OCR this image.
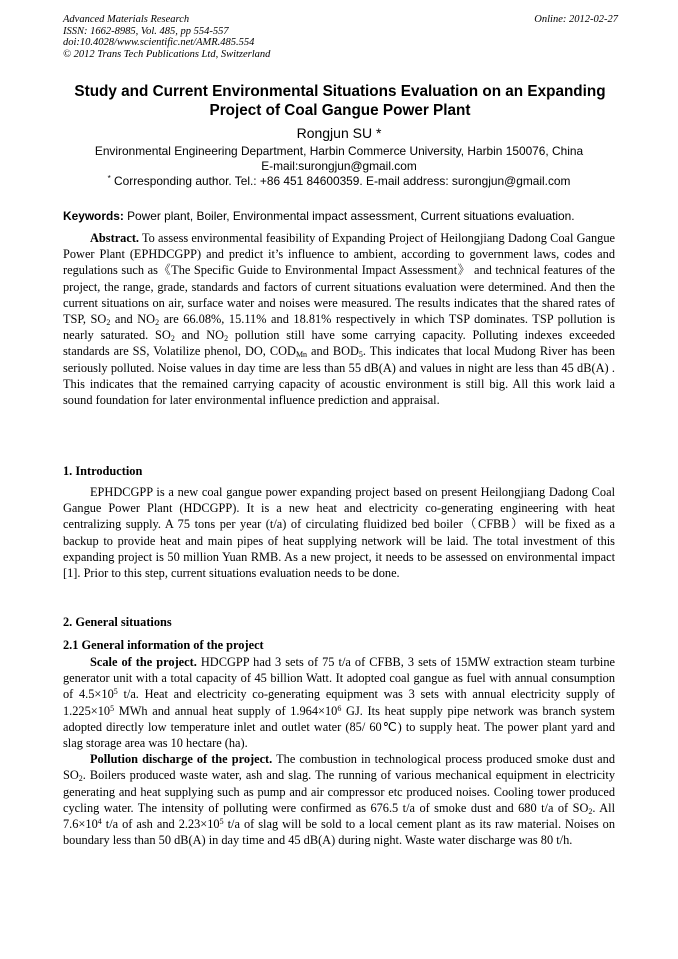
Advanced Materials Research
ISSN: 1662-8985, Vol. 485, pp 554-557
doi:10.4028/www.scientific.net/AMR.485.554
© 2012 Trans Tech Publications Ltd, Switzerland
Online: 2012-02-27
Study and Current Environmental Situations Evaluation on an Expanding
Project of Coal Gangue Power Plant
Rongjun SU *
Environmental Engineering Department, Harbin Commerce University, Harbin 150076, China
E-mail:surongjun@gmail.com
* Corresponding author. Tel.: +86 451 84600359. E-mail address: surongjun@gmail.com
Keywords: Power plant, Boiler, Environmental impact assessment, Current situations evaluation.

Abstract. To assess environmental feasibility of Expanding Project of Heilongjiang Dadong Coal Gangue Power Plant (EPHDCGPP) and predict it’s influence to ambient, according to government laws, codes and regulations such as《The Specific Guide to Environmental Impact Assessment》 and technical features of the project, the range, grade, standards and factors of current situations evaluation were determined. And then the current situations on air, surface water and noises were measured. The results indicates that the shared rates of TSP, $SO_2$ and $NO_2$ are 66.08%, 15.11% and 18.81% respectively in which TSP dominates. TSP pollution is nearly saturated. $SO_2$ and $NO_2$ pollution still have some carrying capacity. Polluting indexes exceeded standards are SS, Volatilize phenol, DO, $COD_{Mn}$ and $BOD_5$. This indicates that local Mudong River has been seriously polluted. Noise values in day time are less than 55 dB(A) and values in night are less than 45 dB(A) . This indicates that the remained carrying capacity of acoustic environment is still big. All this work laid a sound foundation for later environmental influence prediction and appraisal.

1. Introduction

EPHDCGPP is a new coal gangue power expanding project based on present Heilongjiang Dadong Coal Gangue Power Plant (HDCGPP). It is a new heat and electricity co-generating engineering with heat centralizing supply. A 75 tons per year (t/a) of circulating fluidized bed boiler（CFBB）will be fixed as a backup to provide heat and main pipes of heat supplying network will be laid. The total investment of this expanding project is 50 million Yuan RMB. As a new project, it needs to be assessed on environmental impact [1]. Prior to this step, current situations evaluation needs to be done.

2. General situations
2.1 General information of the project

Scale of the project. HDCGPP had 3 sets of 75 t/a of CFBB, 3 sets of 15MW extraction steam turbine generator unit with a total capacity of 45 billion Watt. It adopted coal gangue as fuel with annual consumption of $4.5\times 10^5$ t/a. Heat and electricity co-generating equipment was 3 sets with annual electricity supply of $1.225\times 10^5$ MWh and annual heat supply of $1.964\times 10^6$ GJ. Its heat supply pipe network was branch system adopted directly low temperature inlet and outlet water (85/ 60℃) to supply heat. The power plant yard and slag storage area was 10 hectare (ha).

Pollution discharge of the project. The combustion in technological process produced smoke dust and $SO_2$. Boilers produced waste water, ash and slag. The running of various mechanical equipment in electricity generating and heat supplying such as pump and air compressor etc produced noises. Cooling tower produced cycling water. The intensity of polluting were confirmed as 676.5 t/a of smoke dust and 680 t/a of $SO_2$. All $7.6\times 10^4$ t/a of ash and $2.23\times 10^5$ t/a of slag will be sold to a local cement plant as its raw material. Noises on boundary less than 50 dB(A) in day time and 45 dB(A) during night. Waste water discharge was 80 t/h.
